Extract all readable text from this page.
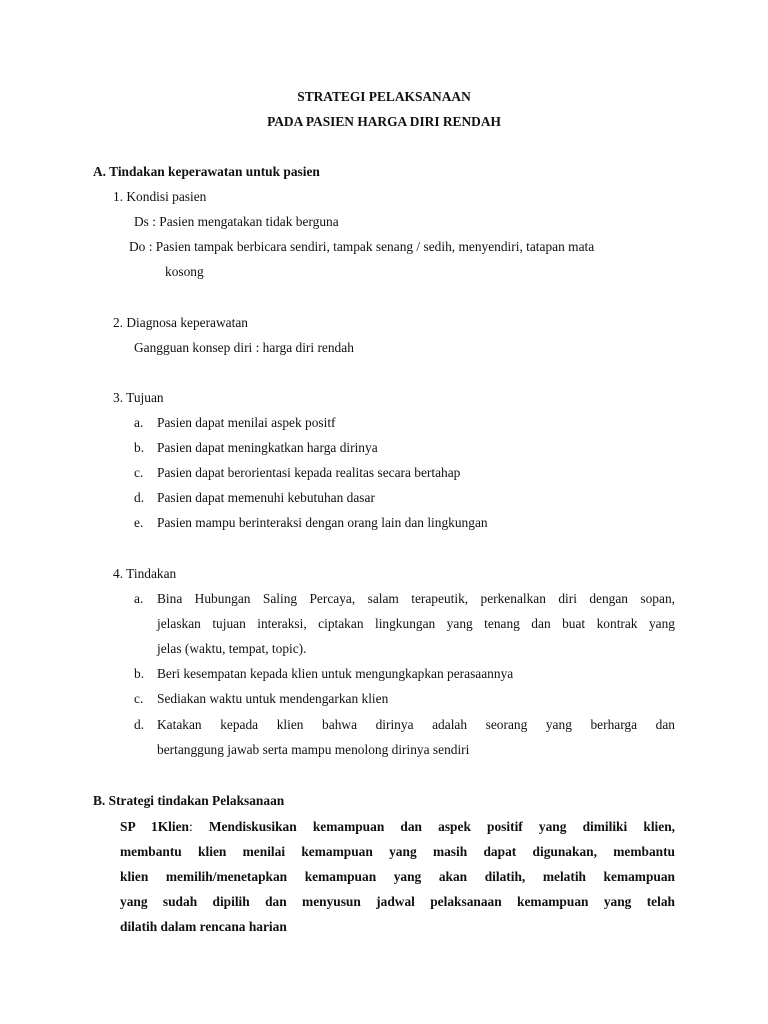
STRATEGI PELAKSANAAN
PADA PASIEN HARGA DIRI RENDAH
A. Tindakan keperawatan untuk pasien
1. Kondisi pasien
Ds : Pasien mengatakan tidak berguna
Do : Pasien tampak berbicara sendiri, tampak senang / sedih, menyendiri, tatapan mata
kosong
2. Diagnosa keperawatan
Gangguan konsep diri : harga diri rendah
3. Tujuan
a. Pasien dapat menilai aspek positf
b. Pasien dapat meningkatkan harga dirinya
c. Pasien dapat berorientasi kepada realitas secara bertahap
d. Pasien dapat memenuhi kebutuhan dasar
e. Pasien mampu berinteraksi dengan orang lain dan lingkungan
4. Tindakan
a. Bina Hubungan Saling Percaya, salam terapeutik, perkenalkan diri dengan sopan,
jelaskan tujuan interaksi, ciptakan lingkungan yang tenang dan buat kontrak yang
jelas (waktu, tempat, topic).
b. Beri kesempatan kepada klien untuk mengungkapkan perasaannya
c. Sediakan waktu untuk mendengarkan klien
d. Katakan kepada klien bahwa dirinya adalah seorang yang berharga dan
bertanggung jawab serta mampu menolong dirinya sendiri
B. Strategi tindakan Pelaksanaan
SP 1Klien: Mendiskusikan kemampuan dan aspek positif yang dimiliki klien,
membantu klien menilai kemampuan yang masih dapat digunakan, membantu
klien memilih/menetapkan kemampuan yang akan dilatih, melatih kemampuan
yang sudah dipilih dan menyusun jadwal pelaksanaan kemampuan yang telah
dilatih dalam rencana harian
